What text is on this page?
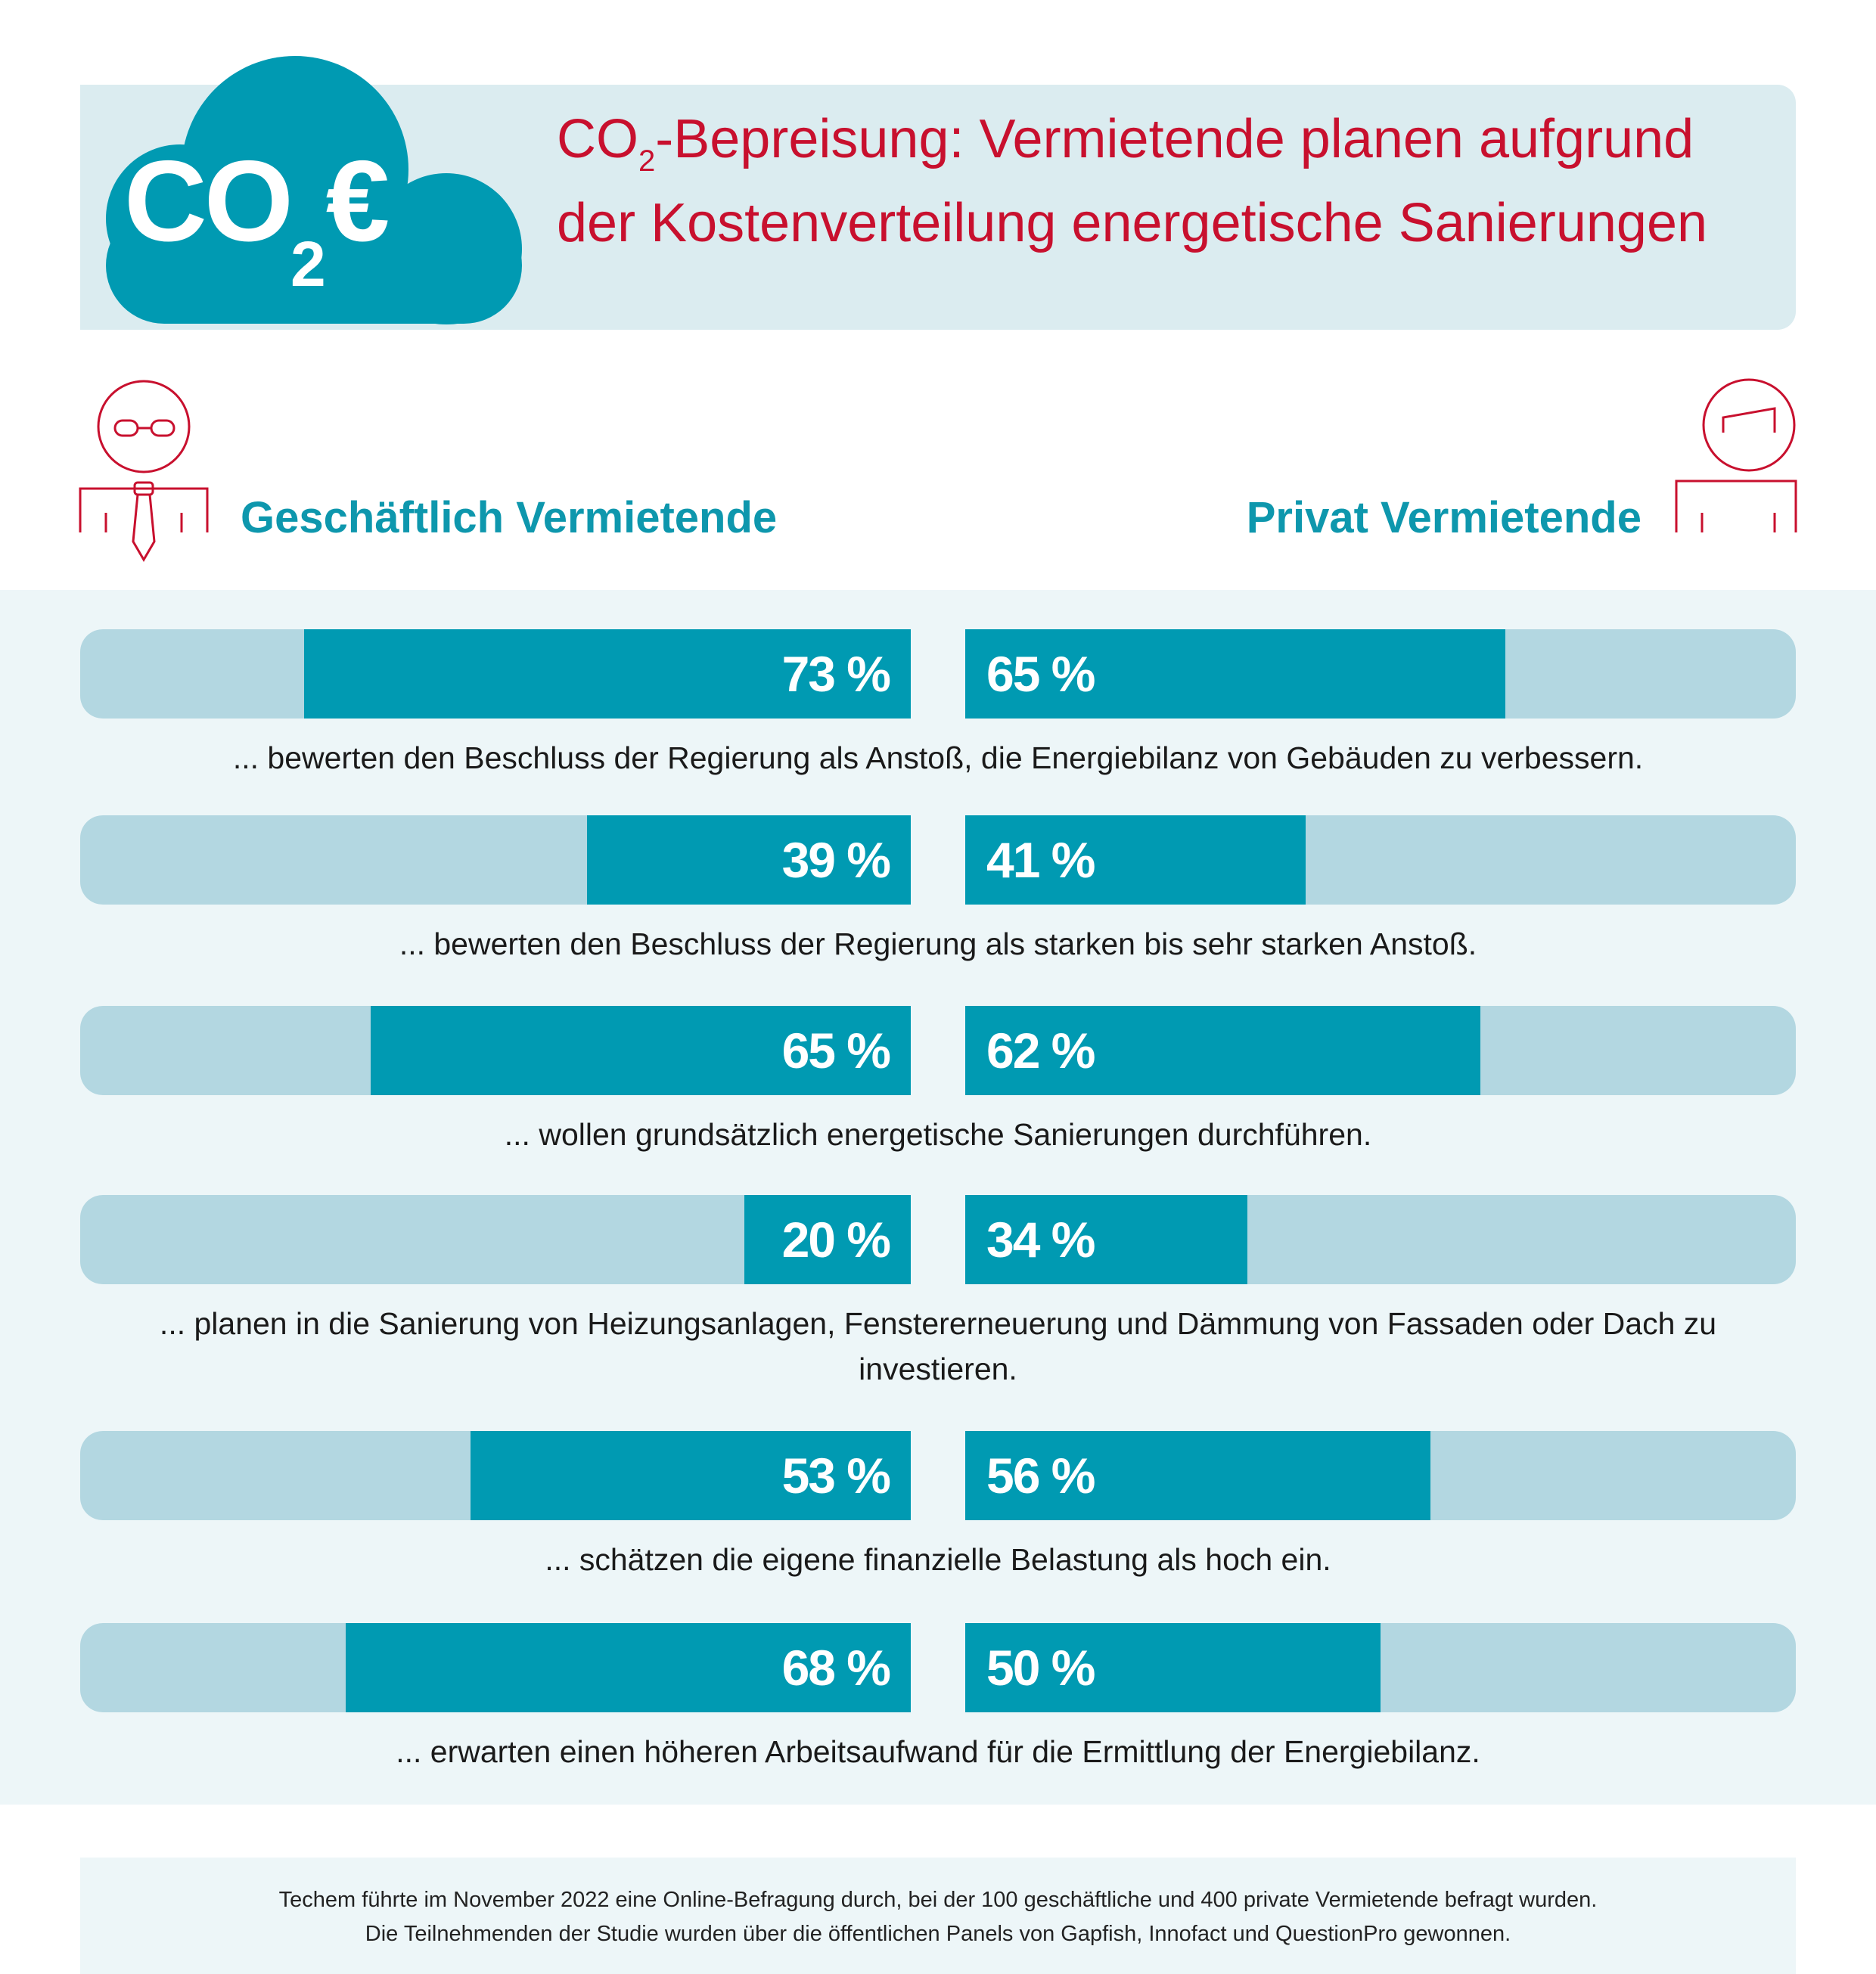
$CO_2€$	$CO_2$-Bepreisung: Vermietende planen aufgrund der Kostenverteilung energetische Sanierungen
Geschäftlich Vermietende	Privat Vermietende
73 % 65 %

... bewerten den Beschluss der Regierung als Anstoß, die Energiebilanz von Gebäuden zu verbessern.

39 % 41 %

... bewerten den Beschluss der Regierung als starken bis sehr starken Anstoß.

65 % 62 %

... wollen grundsätzlich energetische Sanierungen durchführen.

20 % 34 %

... planen in die Sanierung von Heizungsanlagen, Fenstererneuerung und Dämmung von Fassaden oder Dach zu investieren.

53 % 56 %

... schätzen die eigene finanzielle Belastung als hoch ein.

68 % 50 %

... erwarten einen höheren Arbeitsaufwand für die Ermittlung der Energiebilanz.

Techem führte im November 2022 eine Online-Befragung durch, bei der 100 geschäftliche und 400 private Vermietende befragt wurden.

Die Teilnehmenden der Studie wurden über die öffentlichen Panels von Gapfish, Innofact und QuestionPro gewonnen.
